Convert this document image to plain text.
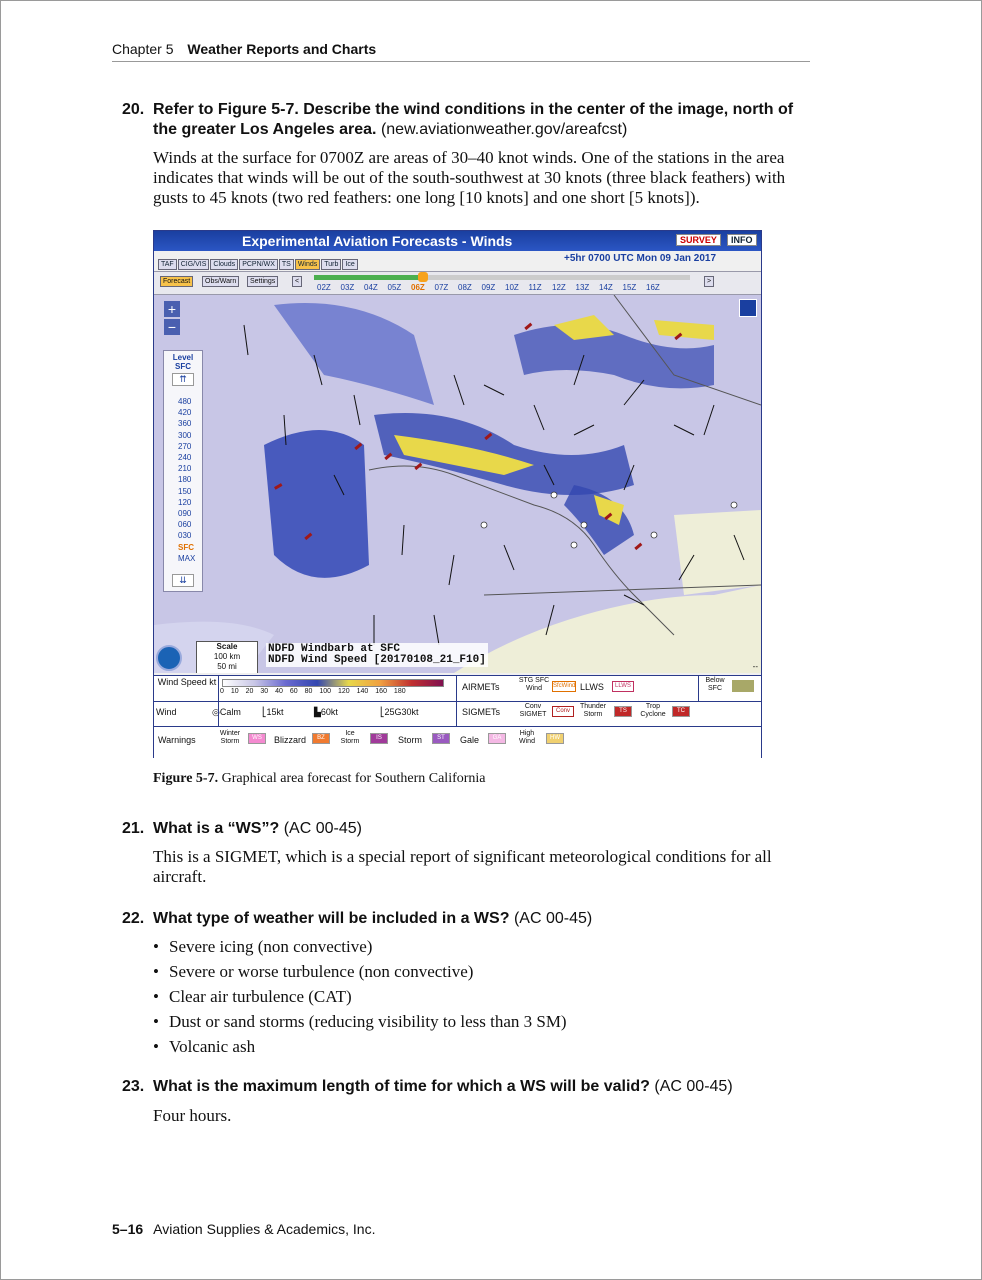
Chapter 5 Weather Reports and Charts
20. Refer to Figure 5-7. Describe the wind conditions in the center of the image, north of the greater Los Angeles area. (new.aviationweather.gov/areafcst)
Winds at the surface for 0700Z are areas of 30–40 knot winds. One of the stations in the area indicates that winds will be out of the south-southwest at 30 knots (three black feathers) with gusts to 45 knots (two red feathers: one long [10 knots] and one short [5 knots]).
Experimental Aviation Forecasts - Winds	SURVEY	INFO
TAF CIG/VIS Clouds PCPN/WX TS Winds Turb Ice
+5hr 0700 UTC Mon 09 Jan 2017
Forecast	Obs/Warn	Settings	<
02Z 03Z 04Z 05Z 06Z 07Z 08Z 09Z 10Z 11Z 12Z 13Z 14Z 15Z 16Z
>
+
−
Level
SFC
⇈
480
420
360
300
270
240
210
180
150
120
090
060
030
SFC
MAX
⇊
Scale
100 km
50 mi
NDFD Windbarb at SFC
NDFD Wind Speed [20170108_21_F10]
--
Wind Speed kt
0 10 20 30 40 60 80 100 120 140 160 180	AIRMETs
STG SFC Wind	SfcWind LLWS	LLWS
Below SFC
Wind	◎Calm ⎣15kt	▙60kt	⎣25G30kt	SIGMETs
Conv SIGMET	Conv
Thunder Storm	TS
Trop Cyclone	TC
Warnings
Winter Storm	WS	Blizzard	BZ
Ice Storm	IS	Storm	ST	Gale	GA
High Wind	HW
Figure 5-7. Graphical area forecast for Southern California
21. What is a “WS”? (AC 00-45)
This is a SIGMET, which is a special report of significant meteorological conditions for all aircraft.
22. What type of weather will be included in a WS? (AC 00-45)
• Severe icing (non convective)
• Severe or worse turbulence (non convective)
• Clear air turbulence (CAT)
• Dust or sand storms (reducing visibility to less than 3 SM)
• Volcanic ash
23. What is the maximum length of time for which a WS will be valid? (AC 00-45)
Four hours.
5–16 Aviation Supplies & Academics, Inc.
